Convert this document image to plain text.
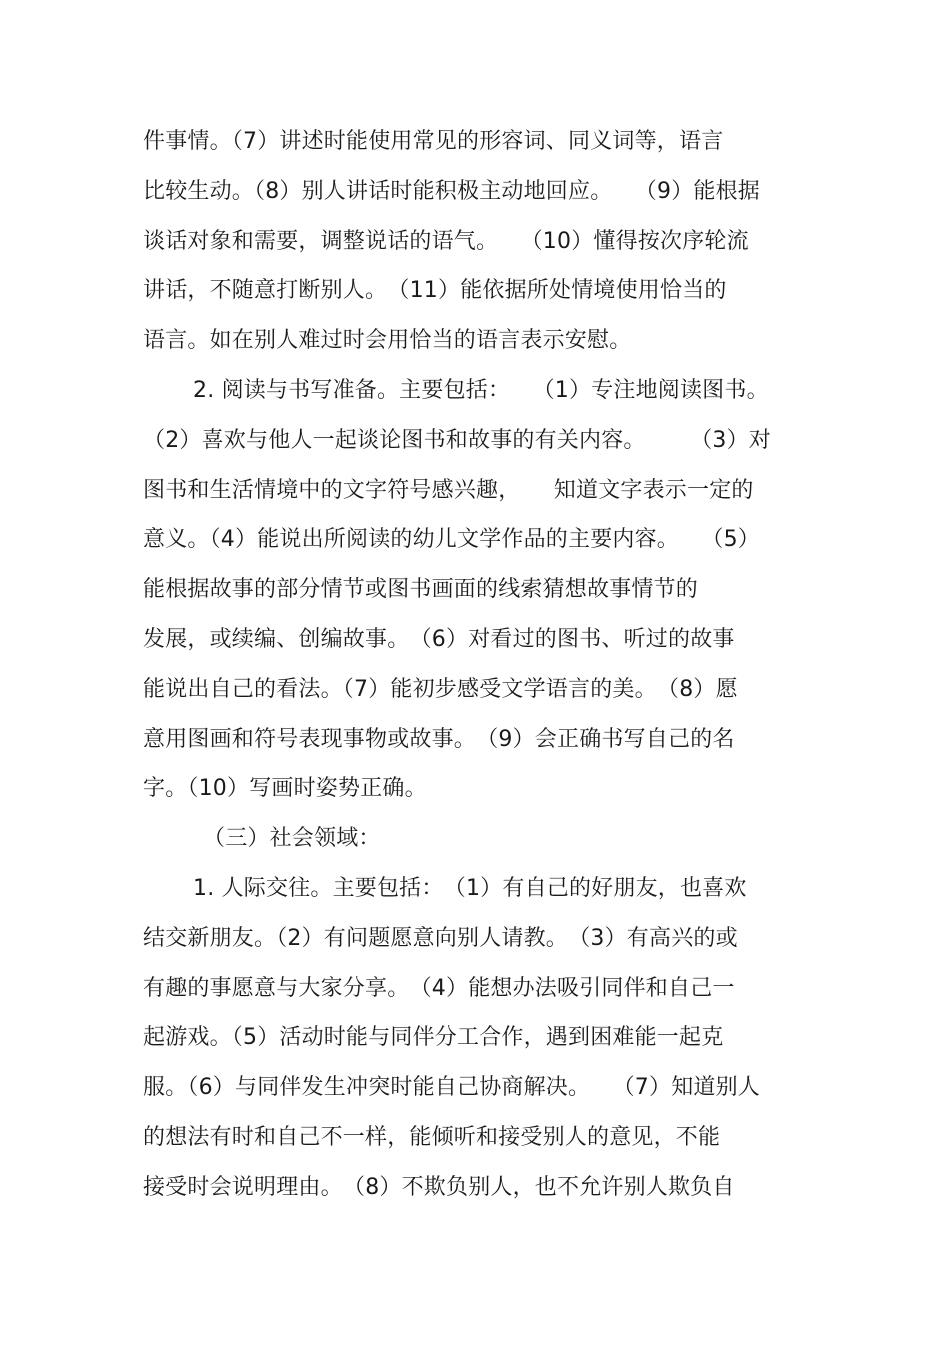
件事情。（7）讲述时能使用常见的形容词、同义词等，语言
比较生动。（8）别人讲话时能积极主动地回应。　　（9）能根据
谈话对象和需要，调整说话的语气。　　（10）懂得按次序轮流
讲话，不随意打断别人。　（11）能依据所处情境使用恰当的
语言。如在别人难过时会用恰当的语言表示安慰。
2. 阅读与书写准备。主要包括：　　（1）专注地阅读图书。
（2）喜欢与他人一起谈论图书和故事的有关内容。　　　（3）对
图书和生活情境中的文字符号感兴趣，　　知道文字表示一定的
意义。（4）能说出所阅读的幼儿文学作品的主要内容。　　（5）
能根据故事的部分情节或图书画面的线索猜想故事情节的
发展，或续编、创编故事。　（6）对看过的图书、听过的故事
能说出自己的看法。（7）能初步感受文学语言的美。　（8）愿
意用图画和符号表现事物或故事。　（9）会正确书写自己的名
字。（10）写画时姿势正确。
（三）社会领域：
1. 人际交往。主要包括：　（1）有自己的好朋友，也喜欢
结交新朋友。（2）有问题愿意向别人请教。　（3）有高兴的或
有趣的事愿意与大家分享。　（4）能想办法吸引同伴和自己一
起游戏。（5）活动时能与同伴分工合作，遇到困难能一起克
服。（6）与同伴发生冲突时能自己协商解决。　　（7）知道别人
的想法有时和自己不一样，能倾听和接受别人的意见，不能
接受时会说明理由。　（8）不欺负别人，也不允许别人欺负自
